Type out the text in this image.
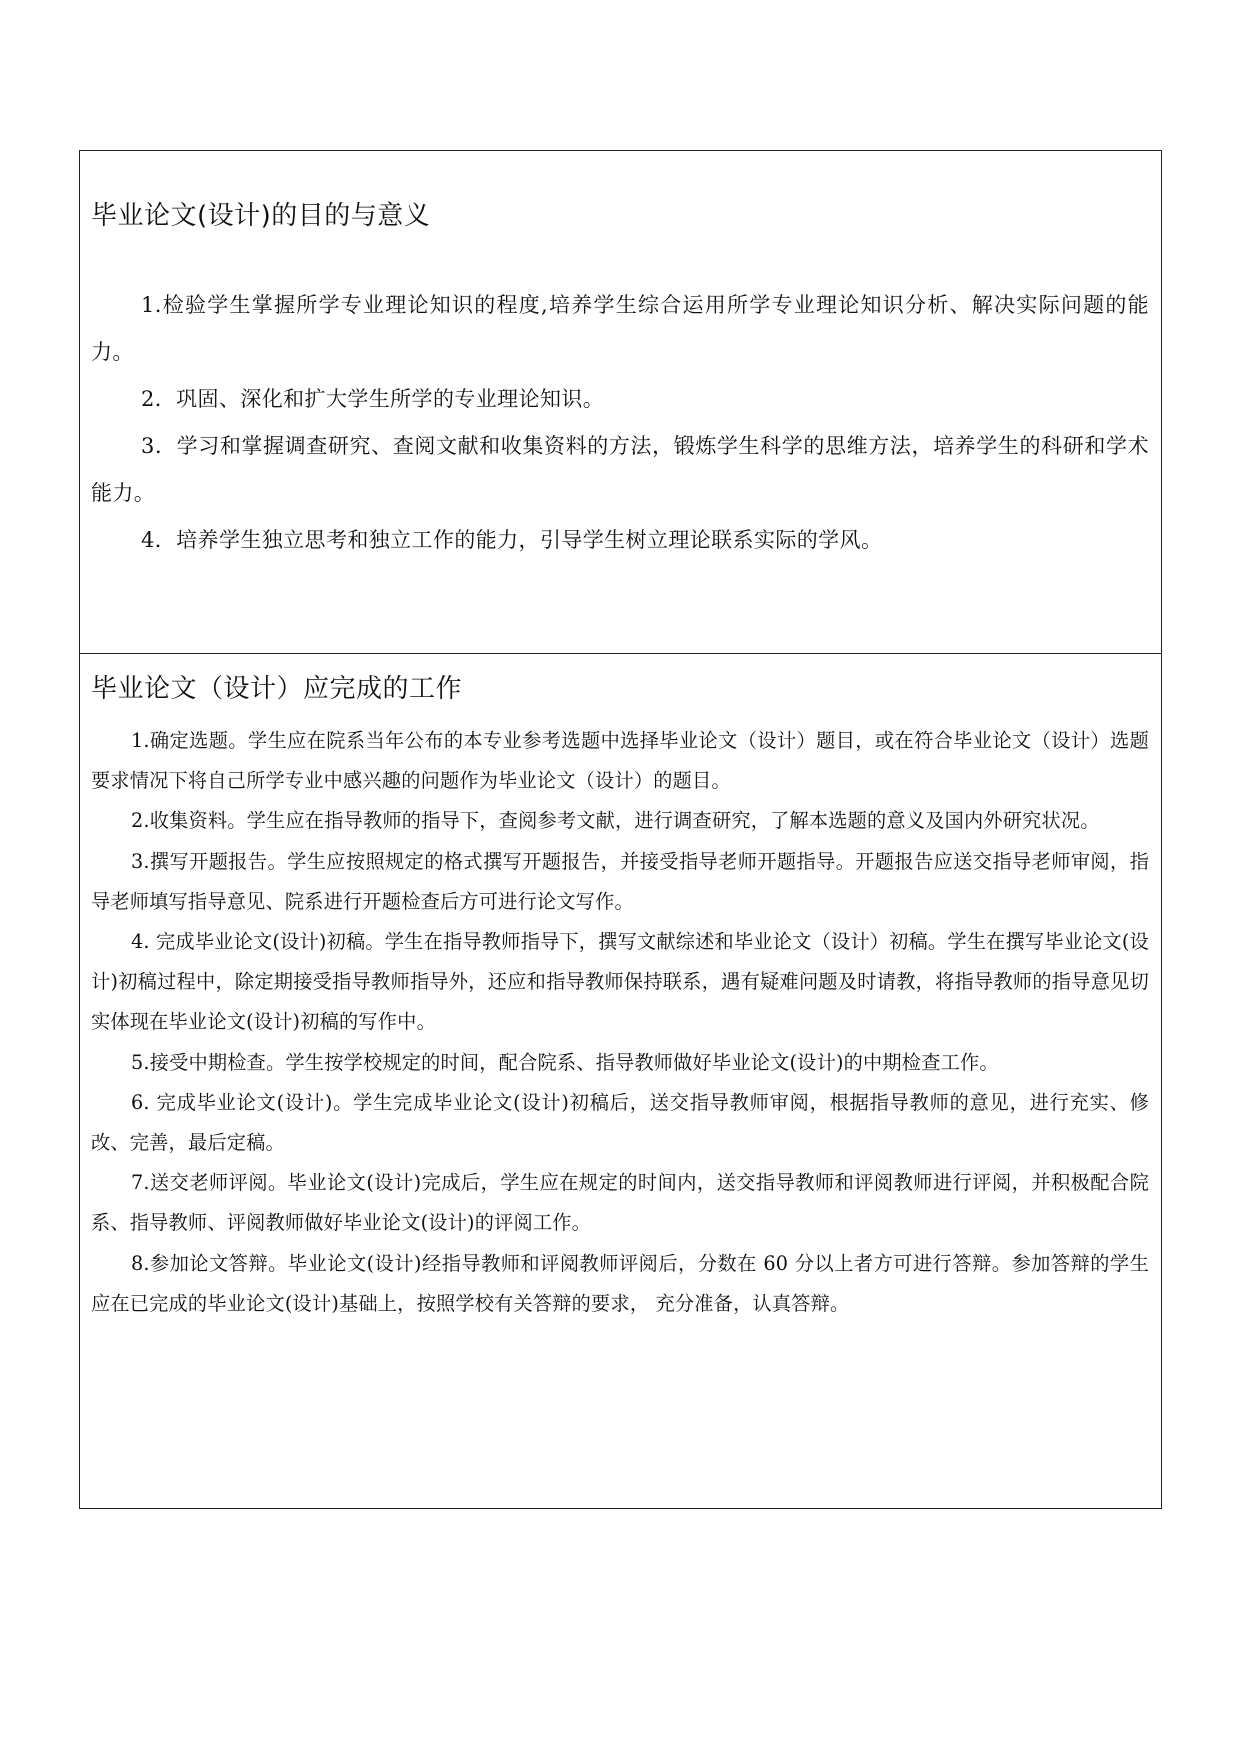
毕业论文(设计)的目的与意义
1.检验学生掌握所学专业理论知识的程度,培养学生综合运用所学专业理论知识分析、解决实际问题的能力。
2．巩固、深化和扩大学生所学的专业理论知识。
3．学习和掌握调查研究、查阅文献和收集资料的方法，锻炼学生科学的思维方法，培养学生的科研和学术能力。
4．培养学生独立思考和独立工作的能力，引导学生树立理论联系实际的学风。
毕业论文（设计）应完成的工作
1.确定选题。学生应在院系当年公布的本专业参考选题中选择毕业论文（设计）题目，或在符合毕业论文（设计）选题要求情况下将自己所学专业中感兴趣的问题作为毕业论文（设计）的题目。
2.收集资料。学生应在指导教师的指导下，查阅参考文献，进行调查研究，了解本选题的意义及国内外研究状况。
3.撰写开题报告。学生应按照规定的格式撰写开题报告，并接受指导老师开题指导。开题报告应送交指导老师审阅，指导老师填写指导意见、院系进行开题检查后方可进行论文写作。
4. 完成毕业论文(设计)初稿。学生在指导教师指导下，撰写文献综述和毕业论文（设计）初稿。学生在撰写毕业论文(设计)初稿过程中，除定期接受指导教师指导外，还应和指导教师保持联系，遇有疑难问题及时请教，将指导教师的指导意见切实体现在毕业论文(设计)初稿的写作中。
5.接受中期检查。学生按学校规定的时间，配合院系、指导教师做好毕业论文(设计)的中期检查工作。
6. 完成毕业论文(设计)。学生完成毕业论文(设计)初稿后，送交指导教师审阅，根据指导教师的意见，进行充实、修改、完善，最后定稿。
7.送交老师评阅。毕业论文(设计)完成后，学生应在规定的时间内，送交指导教师和评阅教师进行评阅，并积极配合院系、指导教师、评阅教师做好毕业论文(设计)的评阅工作。
8.参加论文答辩。毕业论文(设计)经指导教师和评阅教师评阅后，分数在 60 分以上者方可进行答辩。参加答辩的学生应在已完成的毕业论文(设计)基础上，按照学校有关答辩的要求， 充分准备，认真答辩。
